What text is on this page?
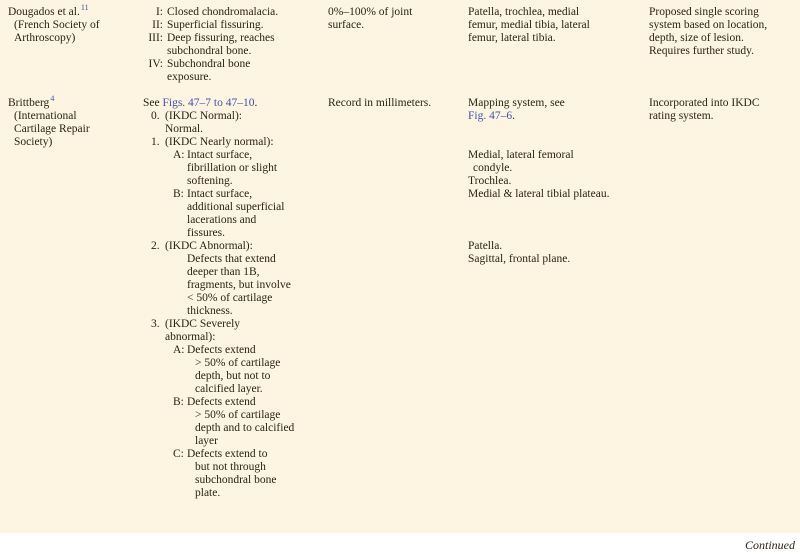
Dougados et al. 11
(French Society of
Arthroscopy)
I: Closed chondromalacia.
II: Superficial fissuring.
III: Deep fissuring, reaches
subchondral bone.
IV: Subchondral bone
exposure.
0%–100% of joint
surface.
Patella, trochlea, medial
femur, medial tibia, lateral
femur, lateral tibia.
Proposed single scoring
system based on location,
depth, size of lesion.
Requires further study.
Brittberg 4
(International
Cartilage Repair
Society)
See Figs. 47–7 to 47–10 .
0. (IKDC Normal):
Normal.
1. (IKDC Nearly normal):
A: Intact surface,
fibrillation or slight
softening.
B: Intact surface,
additional superficial
lacerations and
fissures.
2. (IKDC Abnormal):
Defects that extend
deeper than 1B,
fragments, but involve
< 50% of cartilage
thickness.
3. (IKDC Severely
abnormal):
A: Defects extend
> 50% of cartilage
depth, but not to
calcified layer.
B: Defects extend
> 50% of cartilage
depth and to calcified
layer
C: Defects extend to
but not through
subchondral bone
plate.
Record in millimeters.	Mapping system, see
Fig. 47–6 .
Medial, lateral femoral
condyle.
Trochlea.
Medial & lateral tibial plateau.
Patella.
Sagittal, frontal plane.
Incorporated into IKDC
rating system.
Continued
